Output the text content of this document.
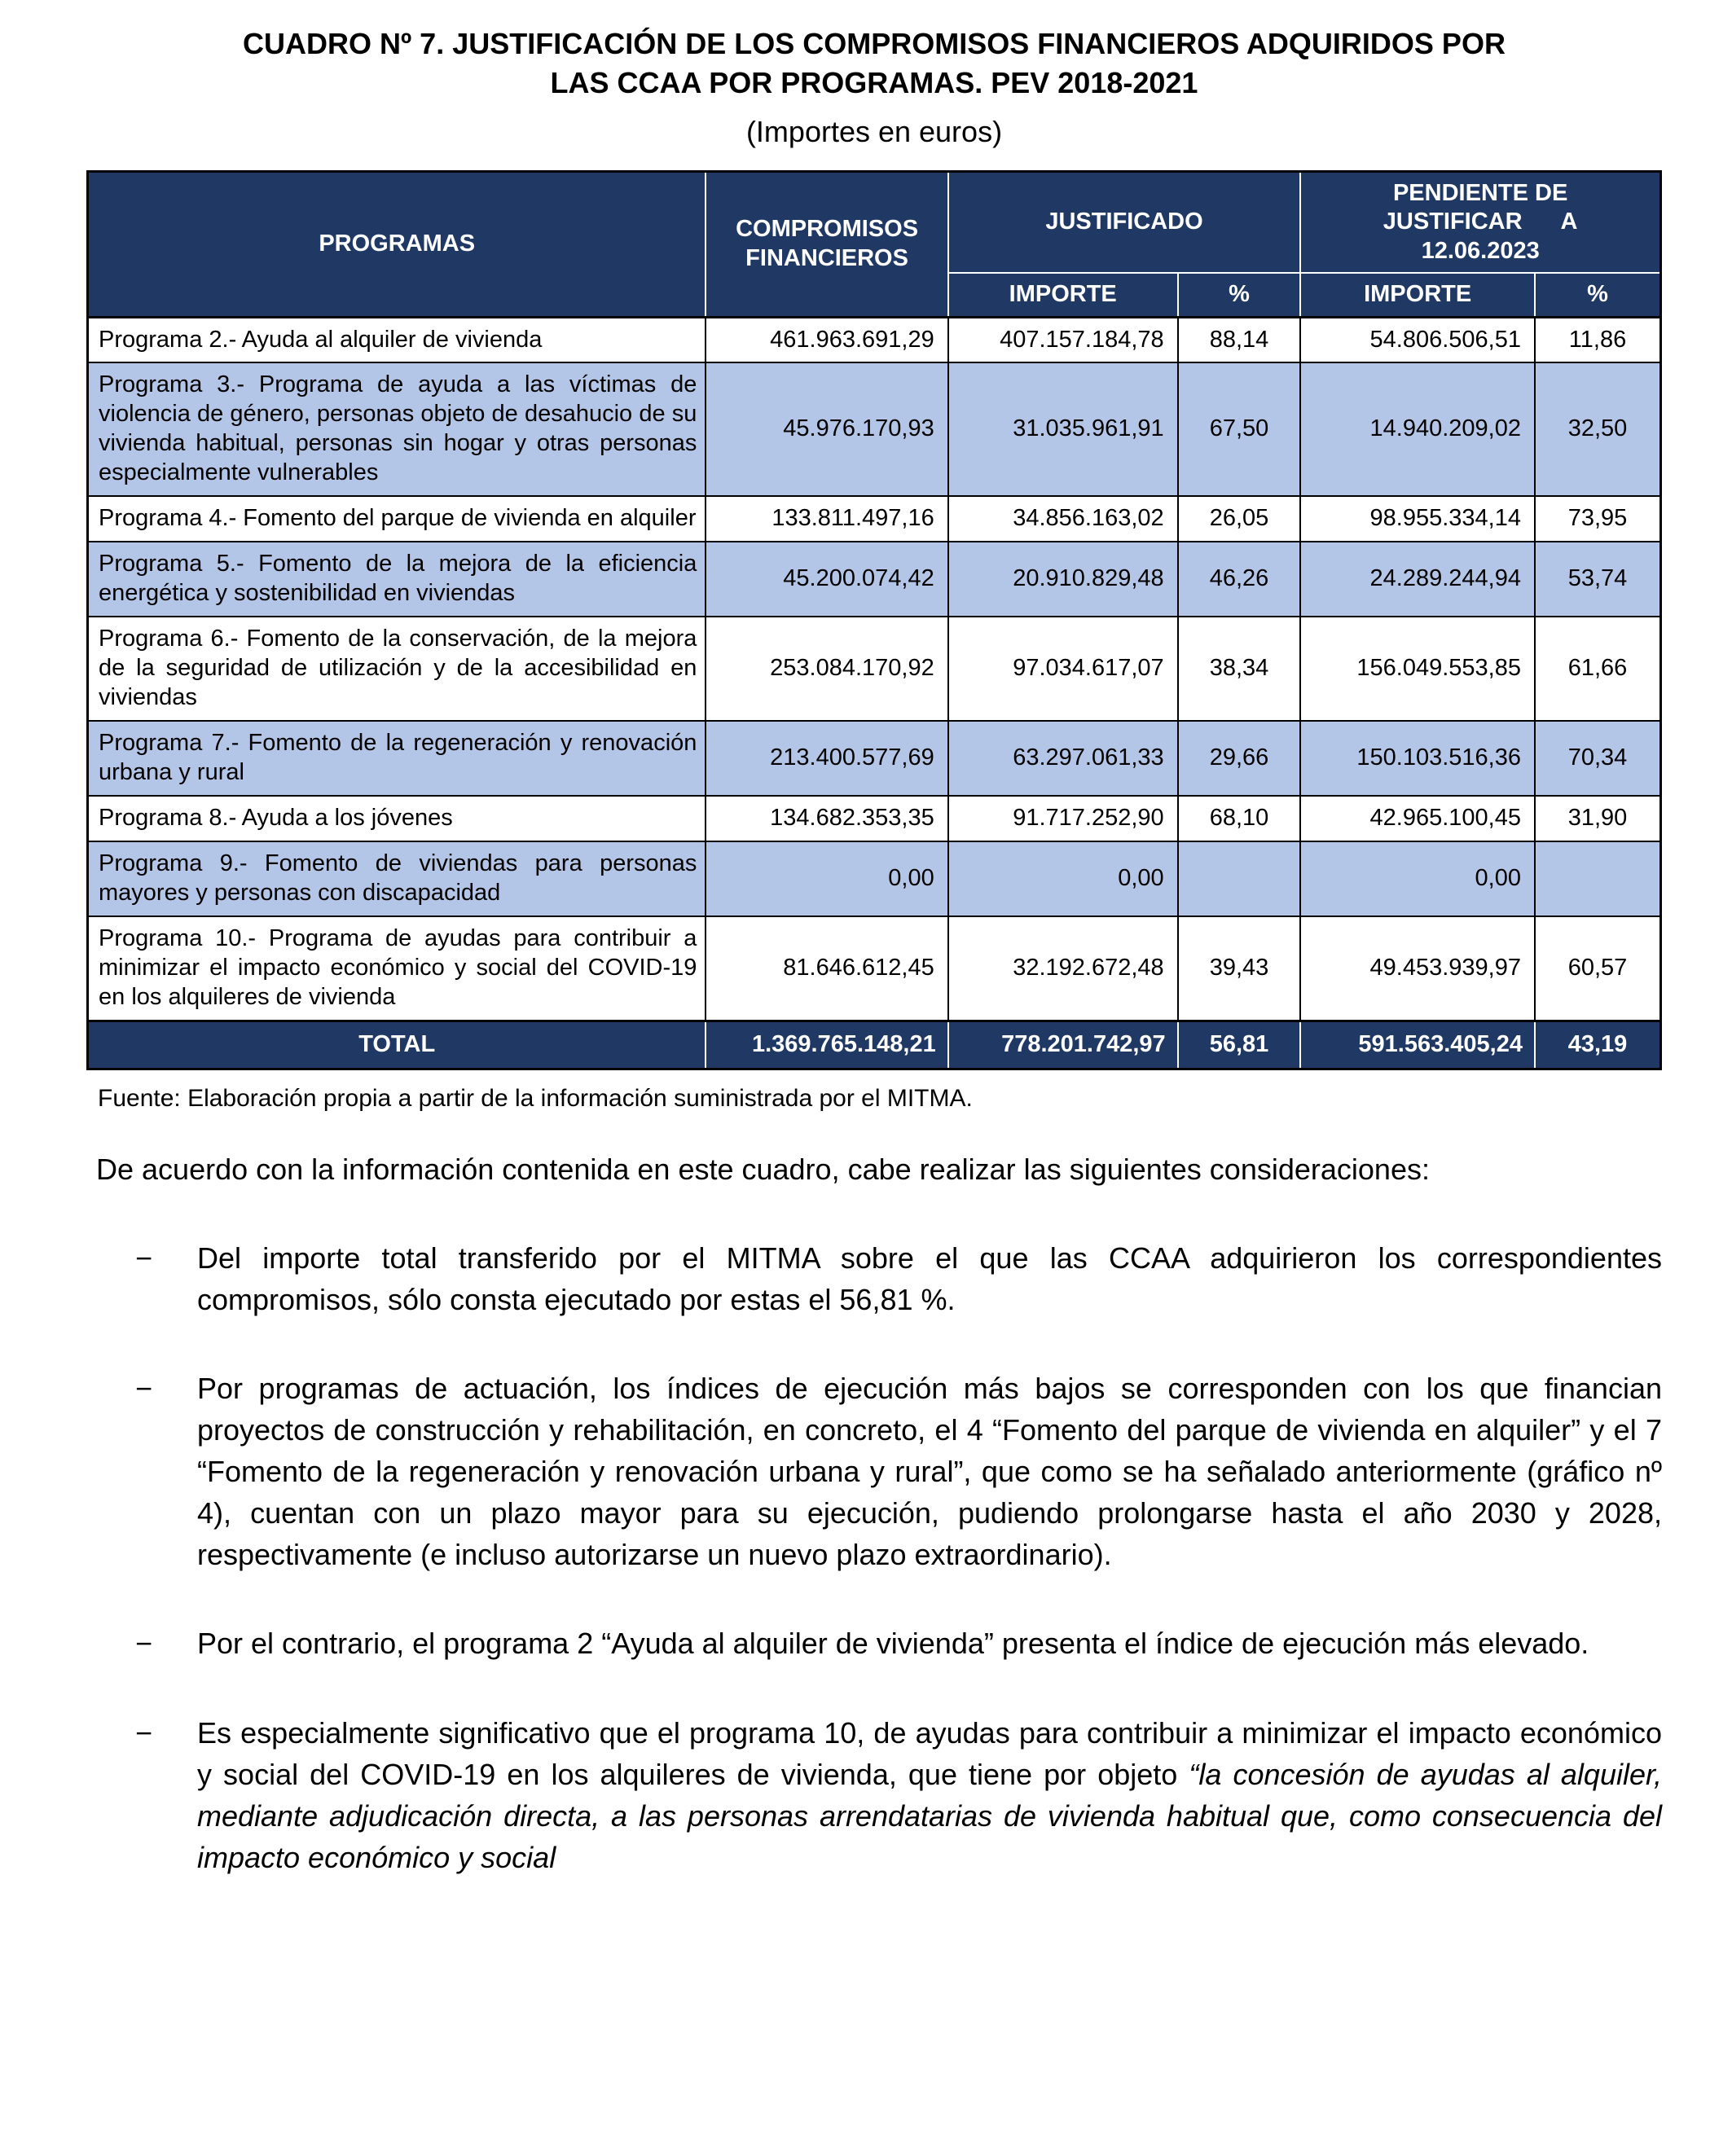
CUADRO Nº 7. JUSTIFICACIÓN DE LOS COMPROMISOS FINANCIEROS ADQUIRIDOS POR
LAS CCAA POR PROGRAMAS. PEV 2018-2021
(Importes en euros)
PROGRAMAS	COMPROMISOS FINANCIEROS	JUSTIFICADO		PENDIENTE DE
JUSTIFICAR A
12.06.2023	

		IMPORTE	%	IMPORTE	%
Programa 2.- Ayuda al alquiler de vivienda	461.963.691,29	407.157.184,78	88,14	54.806.506,51	11,86
Programa 3.- Programa de ayuda a las víctimas de violencia de género, personas objeto de desahucio de su vivienda habitual, personas sin hogar y otras personas especialmente vulnerables	45.976.170,93	31.035.961,91	67,50	14.940.209,02	32,50
Programa 4.- Fomento del parque de vivienda en alquiler	133.811.497,16	34.856.163,02	26,05	98.955.334,14	73,95
Programa 5.- Fomento de la mejora de la eficiencia energética y sostenibilidad en viviendas	45.200.074,42	20.910.829,48	46,26	24.289.244,94	53,74
Programa 6.- Fomento de la conservación, de la mejora de la seguridad de utilización y de la accesibilidad en viviendas	253.084.170,92	97.034.617,07	38,34	156.049.553,85	61,66
Programa 7.- Fomento de la regeneración y renovación urbana y rural	213.400.577,69	63.297.061,33	29,66	150.103.516,36	70,34
Programa 8.- Ayuda a los jóvenes	134.682.353,35	91.717.252,90	68,10	42.965.100,45	31,90
Programa 9.- Fomento de viviendas para personas mayores y personas con discapacidad	0,00	0,00		0,00	
Programa 10.- Programa de ayudas para contribuir a minimizar el impacto económico y social del COVID-19 en los alquileres de vivienda	81.646.612,45	32.192.672,48	39,43	49.453.939,97	60,57
TOTAL	1.369.765.148,21	778.201.742,97	56,81	591.563.405,24	43,19

Fuente: Elaboración propia a partir de la información suministrada por el MITMA.

De acuerdo con la información contenida en este cuadro, cabe realizar las siguientes consideraciones:

− Del importe total transferido por el MITMA sobre el que las CCAA adquirieron los correspondientes compromisos, sólo consta ejecutado por estas el 56,81 %.
− Por programas de actuación, los índices de ejecución más bajos se corresponden con los que financian proyectos de construcción y rehabilitación, en concreto, el 4 “Fomento del parque de vivienda en alquiler” y el 7 “Fomento de la regeneración y renovación urbana y rural”, que como se ha señalado anteriormente (gráfico nº 4), cuentan con un plazo mayor para su ejecución, pudiendo prolongarse hasta el año 2030 y 2028, respectivamente (e incluso autorizarse un nuevo plazo extraordinario).
− Por el contrario, el programa 2 “Ayuda al alquiler de vivienda” presenta el índice de ejecución más elevado.
− Es especialmente significativo que el programa 10, de ayudas para contribuir a minimizar el impacto económico y social del COVID-19 en los alquileres de vivienda, que tiene por objeto “la concesión de ayudas al alquiler, mediante adjudicación directa, a las personas arrendatarias de vivienda habitual que, como consecuencia del impacto económico y social
